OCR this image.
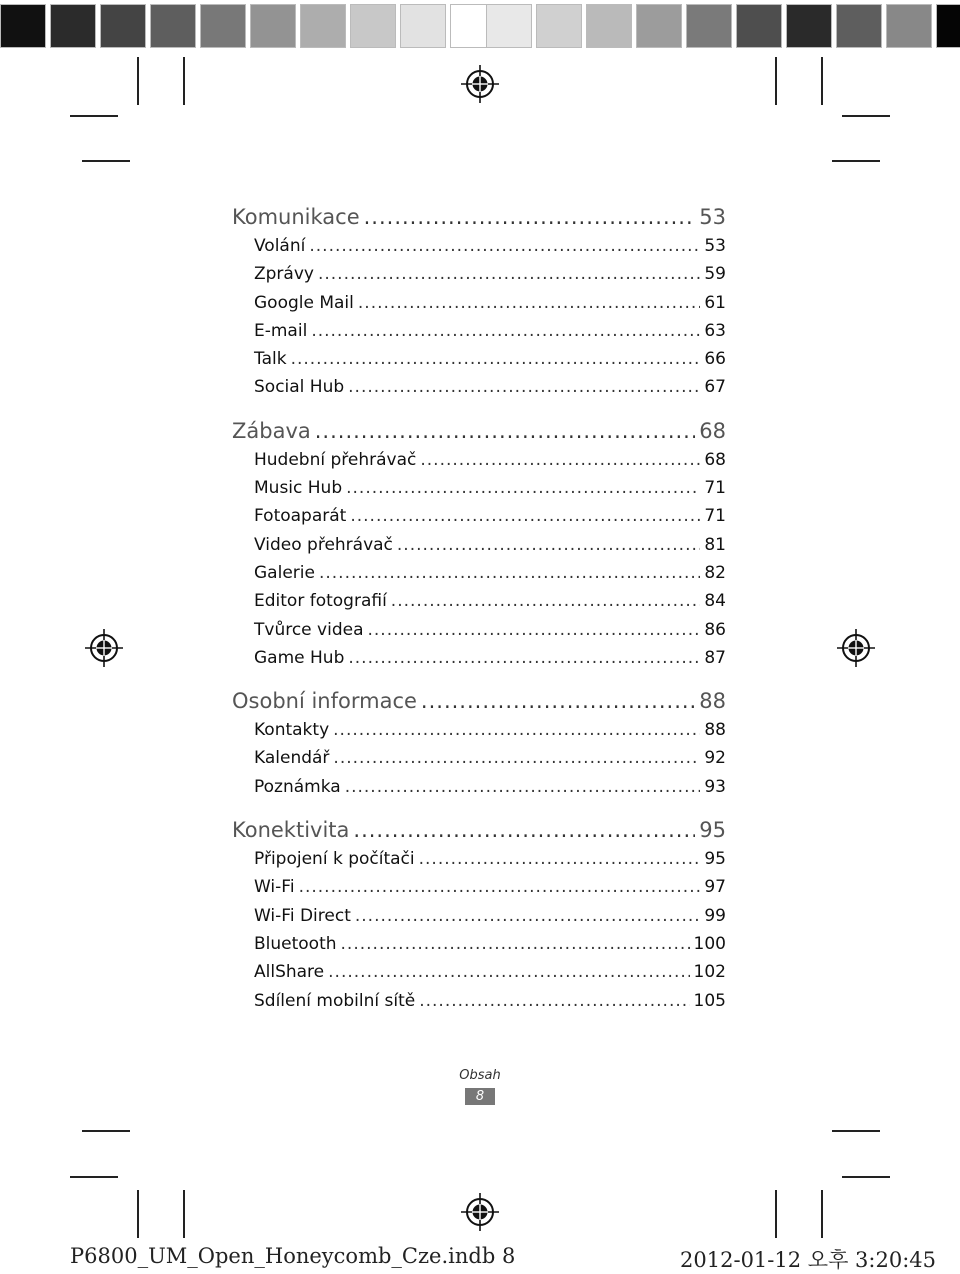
Komunikace .....	53
Volání .....	53
Zprávy .....	59
Google Mail .....	61
E-mail .....	63
Talk .....	66
Social Hub .....	67
Zábava .....	68
Hudební přehrávač .....	68
Music Hub .....	71
Fotoaparát .....	71
Video přehrávač .....	81
Galerie .....	82
Editor fotografií .....	84
Tvůrce videa .....	86
Game Hub .....	87
Osobní informace .....	88
Kontakty .....	88
Kalendář .....	92
Poznámka .....	93
Konektivita .....	95
Připojení k počítači .....	95
Wi-Fi .....	97
Wi-Fi Direct .....	99
Bluetooth .....	100
AllShare .....	102
Sdílení mobilní sítě .....	105
Obsah
8
P6800_UM_Open_Honeycomb_Cze.indb 8	2012-01-12 오후 3:20:45
